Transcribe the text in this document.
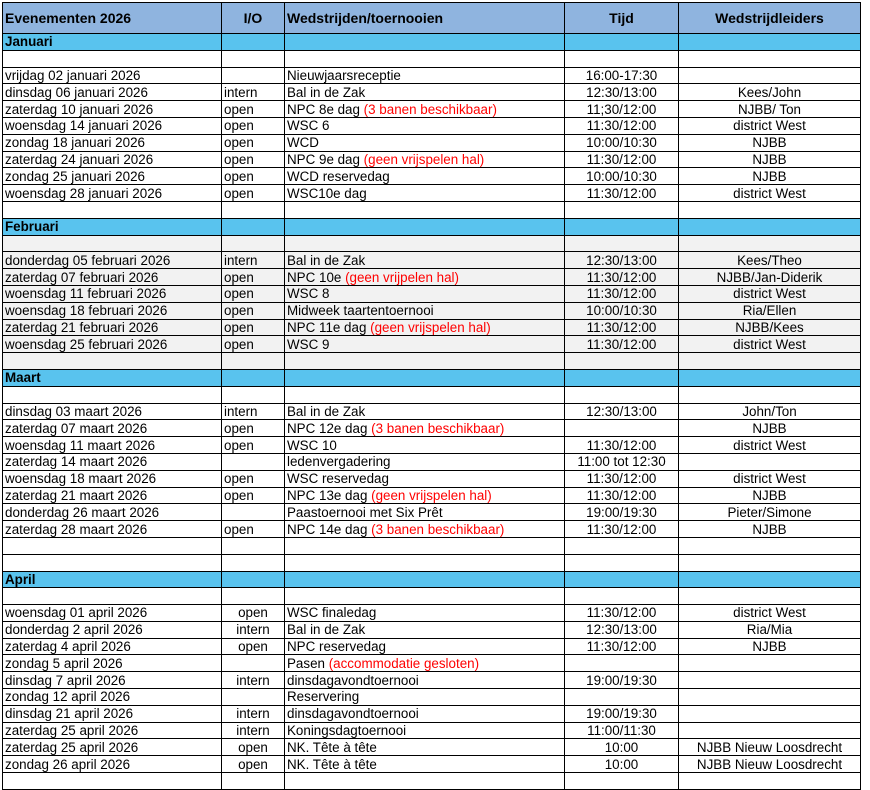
Evenementen 2026	I/O	Wedstrijden/toernooien	Tijd	Wedstrijdleiders
Januari				

vrijdag 02 januari 2026		Nieuwjaarsreceptie	16:00-17:30	
dinsdag 06 januari 2026	intern	Bal in de Zak	12:30/13:00	Kees/John
zaterdag 10 januari 2026	open	NPC 8e dag (3 banen beschikbaar)	11;30/12:00	NJBB/ Ton
woensdag 14 januari 2026	open	WSC 6	11:30/12:00	district West
zondag 18 januari 2026	open	WCD	10:00/10:30	NJBB
zaterdag 24 januari 2026	open	NPC 9e dag (geen vrijspelen hal)	11:30/12:00	NJBB
zondag 25 januari 2026	open	WCD reservedag	10:00/10:30	NJBB
woensdag 28 januari 2026	open	WSC10e dag	11:30/12:00	district West

Februari				

donderdag 05 februari 2026	intern	Bal in de Zak	12:30/13:00	Kees/Theo
zaterdag 07 februari 2026	open	NPC 10e (geen vrijpelen hal)	11:30/12:00	NJBB/Jan-Diderik
woensdag 11 februari 2026	open	WSC 8	11:30/12:00	district West
woensdag 18 februari 2026	open	Midweek taartentoernooi	10:00/10:30	Ria/Ellen
zaterdag 21 februari 2026	open	NPC 11e dag (geen vrijspelen hal)	11:30/12:00	NJBB/Kees
woensdag 25 februari 2026	open	WSC 9	11:30/12:00	district West

Maart				

dinsdag 03 maart 2026	intern	Bal in de Zak	12:30/13:00	John/Ton
zaterdag 07 maart 2026	open	NPC 12e dag (3 banen beschikbaar)		NJBB
woensdag 11 maart 2026	open	WSC 10	11:30/12:00	district West
zaterdag 14 maart 2026		ledenvergadering	11:00 tot 12:30	
woensdag 18 maart 2026	open	WSC reservedag	11:30/12:00	district West
zaterdag 21 maart 2026	open	NPC 13e dag (geen vrijspelen hal)	11:30/12:00	NJBB
donderdag 26 maart 2026		Paastoernooi met Six Prêt	19:00/19:30	Pieter/Simone
zaterdag 28 maart 2026	open	NPC 14e dag (3 banen beschikbaar)	11:30/12:00	NJBB

April				

woensdag 01 april 2026	open	WSC finaledag	11:30/12:00	district West
donderdag 2 april 2026	intern	Bal in de Zak	12:30/13:00	Ria/Mia
zaterdag 4 april 2026	open	NPC reservedag	11:30/12:00	NJBB
zondag 5 april 2026		Pasen (accommodatie gesloten)		
dinsdag 7 april 2026	intern	dinsdagavondtoernooi	19:00/19:30	
zondag 12 april 2026		Reservering		
dinsdag 21 april 2026	intern	dinsdagavondtoernooi	19:00/19:30	
zaterdag 25 april 2026	intern	Koningsdagtoernooi	11:00/11:30	
zaterdag 25 april 2026	open	NK. Tête à tête	10:00	NJBB Nieuw Loosdrecht
zondag 26 april 2026	open	NK. Tête à tête	10:00	NJBB Nieuw Loosdrecht
